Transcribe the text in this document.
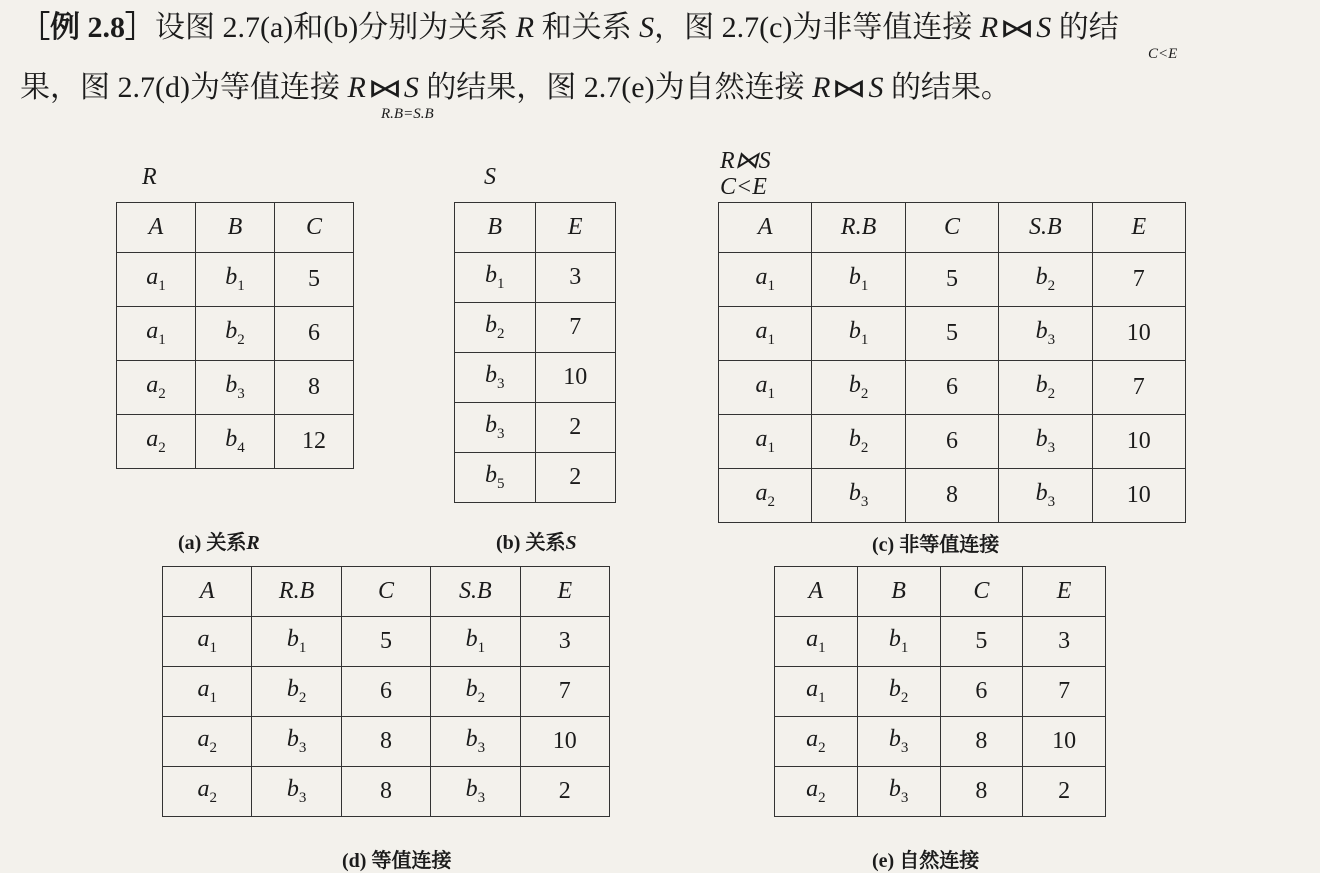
［例 2.8］设图 2.7(a)和(b)分别为关系 R 和关系 S，图 2.7(c)为非等值连接 R⋈S 的结
C<E
果，图 2.7(d)为等值连接 R⋈S 的结果，图 2.7(e)为自然连接 R⋈S 的结果。
R.B=S.B
R	S
R⋈S
C<E
A	B	C
$a_1$	$b_1$	5
$a_1$	$b_2$	6
$a_2$	$b_3$	8
$a_2$	$b_4$	12
B	E
$b_1$	3
$b_2$	7
$b_3$	10
$b_3$	2
$b_5$	2
A	R.B	C	S.B	E
$a_1$	$b_1$	5	$b_2$	7
$a_1$	$b_1$	5	$b_3$	10
$a_1$	$b_2$	6	$b_2$	7
$a_1$	$b_2$	6	$b_3$	10
$a_2$	$b_3$	8	$b_3$	10
A	R.B	C	S.B	E
$a_1$	$b_1$	5	$b_1$	3
$a_1$	$b_2$	6	$b_2$	7
$a_2$	$b_3$	8	$b_3$	10
$a_2$	$b_3$	8	$b_3$	2
A	B	C	E
$a_1$	$b_1$	5	3
$a_1$	$b_2$	6	7
$a_2$	$b_3$	8	10
$a_2$	$b_3$	8	2
(a) 关系R	(b) 关系S	(c) 非等值连接
(d) 等值连接	(e) 自然连接
